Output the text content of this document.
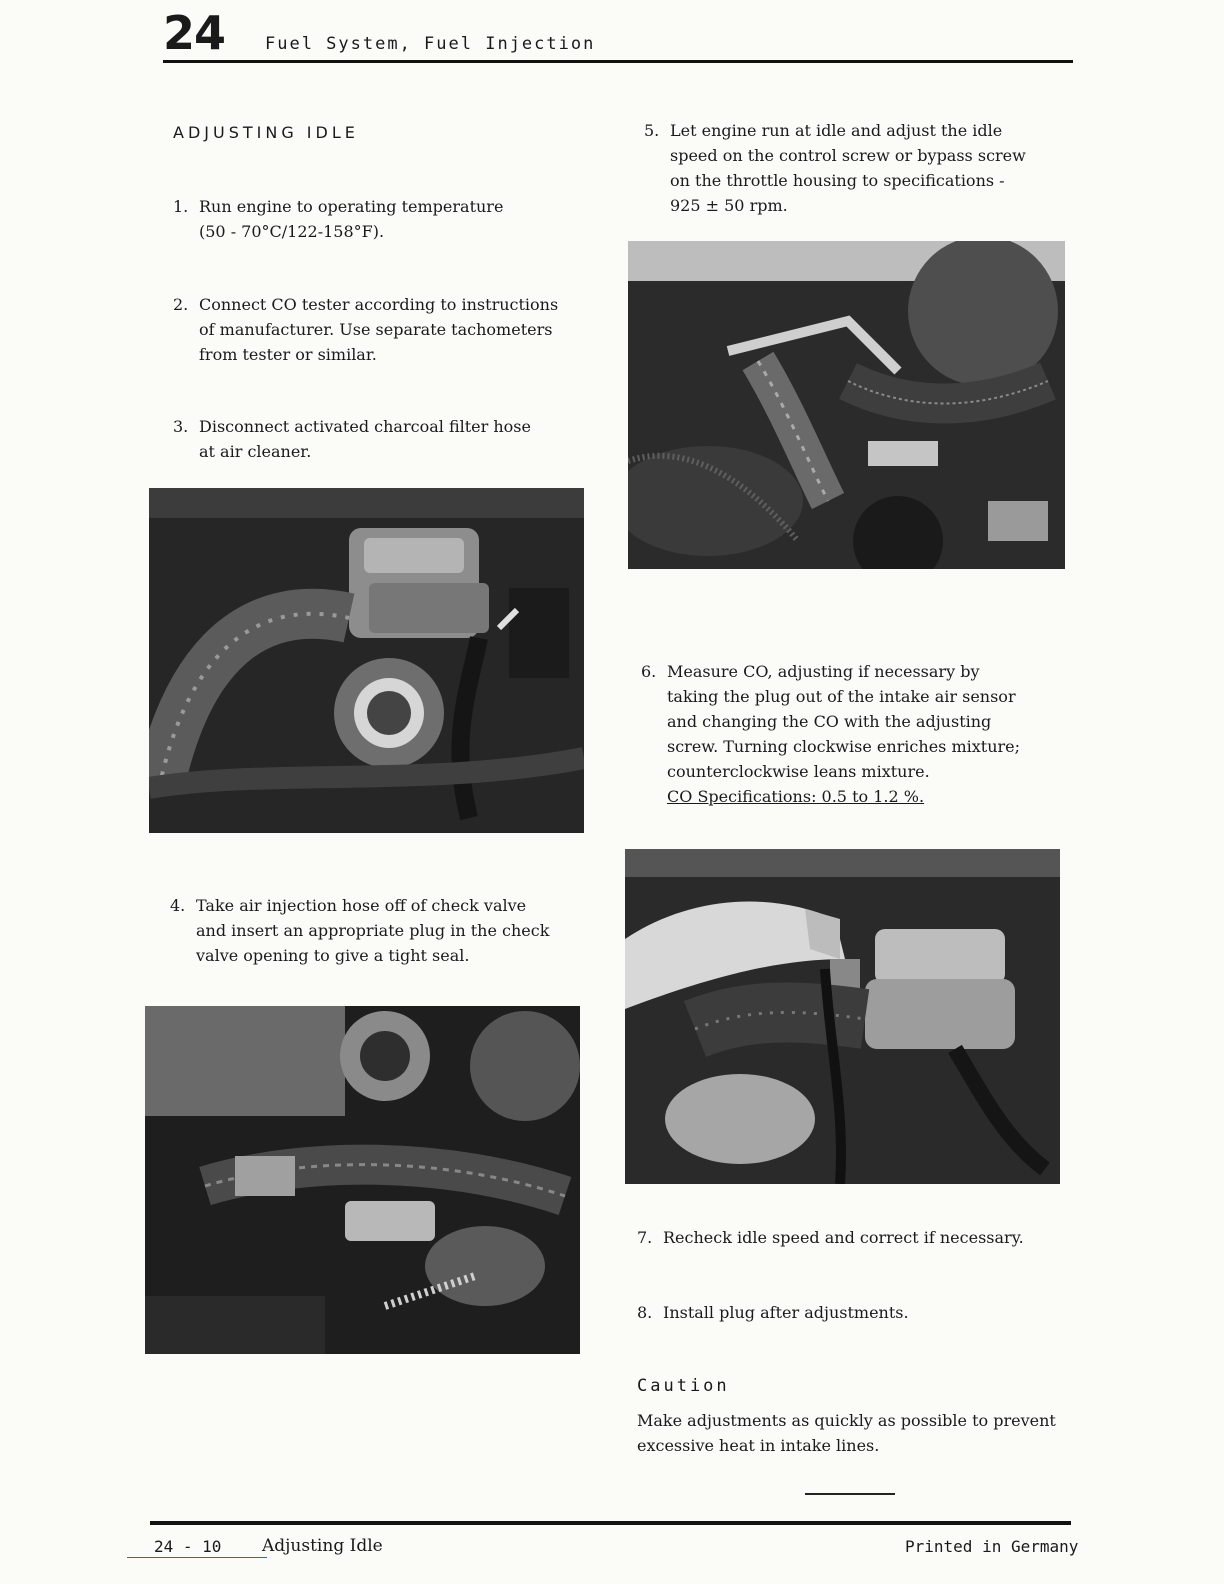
24 Fuel System, Fuel Injection
ADJUSTING IDLE
1. Run engine to operating temperature
(50 - 70°C/122-158°F).
2. Connect CO tester according to instructions
of manufacturer. Use separate tachometers
from tester or similar.
3. Disconnect activated charcoal filter hose
at air cleaner.
4. Take air injection hose off of check valve
and insert an appropriate plug in the check
valve opening to give a tight seal.
5. Let engine run at idle and adjust the idle
speed on the control screw or bypass screw
on the throttle housing to specifications -
925 ± 50 rpm.
6. Measure CO, adjusting if necessary by
taking the plug out of the intake air sensor
and changing the CO with the adjusting
screw. Turning clockwise enriches mixture;
counterclockwise leans mixture.
CO Specifications: 0.5 to 1.2 %.
7. Recheck idle speed and correct if necessary.
8. Install plug after adjustments.
Caution
Make adjustments as quickly as possible to prevent excessive heat in intake lines.
24 - 10 Adjusting Idle	Printed in Germany
